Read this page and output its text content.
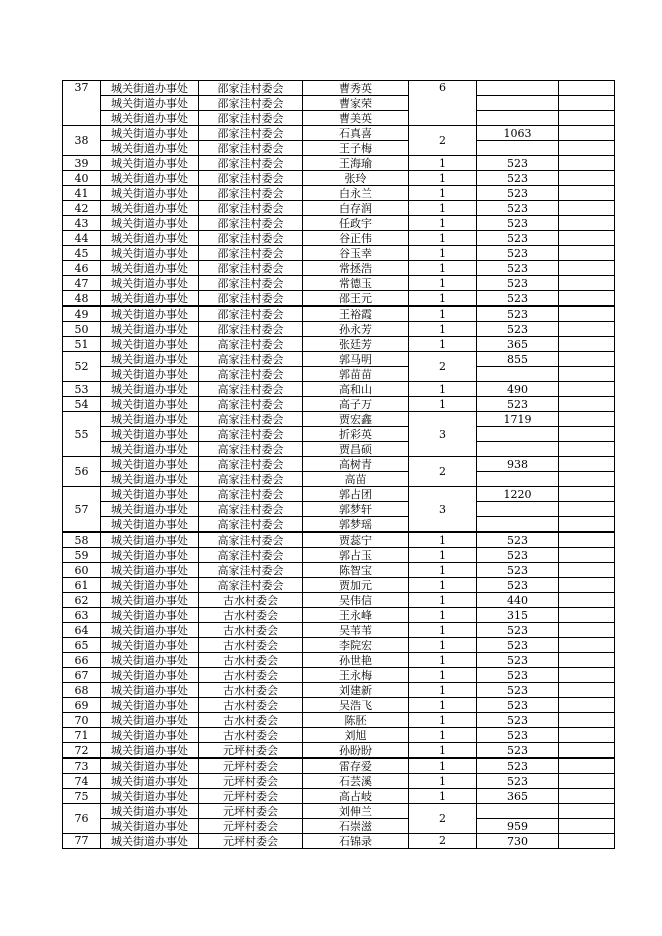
37	城关街道办事处	邵家洼村委会	曹秀英	6		
	城关街道办事处	邵家洼村委会	曹家荣			
	城关街道办事处	邵家洼村委会	曹美英			
38	城关街道办事处	邵家洼村委会	石真喜	2	1063	
	城关街道办事处	邵家洼村委会	王子梅			
39	城关街道办事处	邵家洼村委会	王海瑜	1	523	
40	城关街道办事处	邵家洼村委会	张玲	1	523	
41	城关街道办事处	邵家洼村委会	白永兰	1	523	
42	城关街道办事处	邵家洼村委会	白存润	1	523	
43	城关街道办事处	邵家洼村委会	任政宇	1	523	
44	城关街道办事处	邵家洼村委会	谷正伟	1	523	
45	城关街道办事处	邵家洼村委会	谷玉幸	1	523	
46	城关街道办事处	邵家洼村委会	常拯浩	1	523	
47	城关街道办事处	邵家洼村委会	常德玉	1	523	
48	城关街道办事处	邵家洼村委会	邵王元	1	523	
49	城关街道办事处	邵家洼村委会	王裕霞	1	523	
50	城关街道办事处	邵家洼村委会	孙永芳	1	523	
51	城关街道办事处	高家洼村委会	张廷芳	1	365	
52	城关街道办事处	高家洼村委会	郭马明	2	855	
	城关街道办事处	高家洼村委会	郭苗苗			
53	城关街道办事处	高家洼村委会	高和山	1	490	
54	城关街道办事处	高家洼村委会	高子万	1	523	
55	城关街道办事处	高家洼村委会	贾宏鑫	3	1719	
	城关街道办事处	高家洼村委会	折彩英			
	城关街道办事处	高家洼村委会	贾昌硕			
56	城关街道办事处	高家洼村委会	高树青	2	938	
	城关街道办事处	高家洼村委会	高苗			
57	城关街道办事处	高家洼村委会	郭占团	3	1220	
	城关街道办事处	高家洼村委会	郭梦轩			
	城关街道办事处	高家洼村委会	郭梦瑶			
58	城关街道办事处	高家洼村委会	贾蕊宁	1	523	
59	城关街道办事处	高家洼村委会	郭占玉	1	523	
60	城关街道办事处	高家洼村委会	陈智宝	1	523	
61	城关街道办事处	高家洼村委会	贾加元	1	523	
62	城关街道办事处	古水村委会	吴伟信	1	440	
63	城关街道办事处	古水村委会	王永峰	1	315	
64	城关街道办事处	古水村委会	吴苇苇	1	523	
65	城关街道办事处	古水村委会	李院宏	1	523	
66	城关街道办事处	古水村委会	孙世艳	1	523	
67	城关街道办事处	古水村委会	王永梅	1	523	
68	城关街道办事处	古水村委会	刘建新	1	523	
69	城关街道办事处	古水村委会	吴浩飞	1	523	
70	城关街道办事处	古水村委会	陈胚	1	523	
71	城关街道办事处	古水村委会	刘旭	1	523	
72	城关街道办事处	元坪村委会	孙盼盼	1	523	
73	城关街道办事处	元坪村委会	雷存爱	1	523	
74	城关街道办事处	元坪村委会	石芸溪	1	523	
75	城关街道办事处	元坪村委会	高占岐	1	365	
76	城关街道办事处	元坪村委会	刘伸兰	2		
	城关街道办事处	元坪村委会	石崇滋		959	
77	城关街道办事处	元坪村委会	石锦录	2	730	
